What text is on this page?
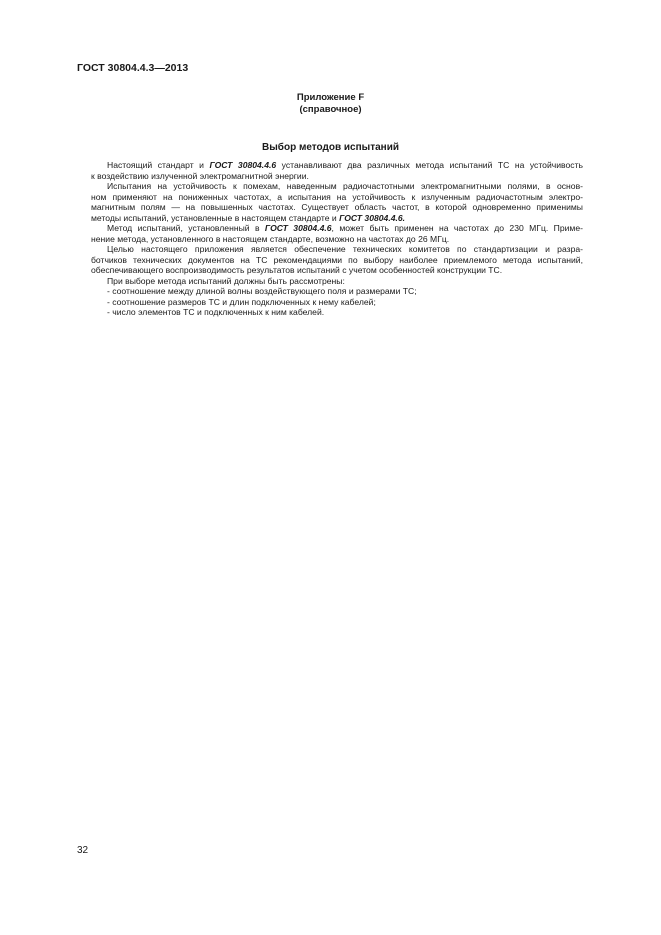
ГОСТ 30804.4.3—2013
Приложение F
(справочное)
Выбор методов испытаний

Настоящий стандарт и ГОСТ 30804.4.6 устанавливают два различных метода испытаний ТС на устойчивость
к воздействию излученной электромагнитной энергии.

Испытания на устойчивость к помехам, наведенным радиочастотными электромагнитными полями, в основ-
ном применяют на пониженных частотах, а испытания на устойчивость к излученным радиочастотным электро-
магнитным полям — на повышенных частотах. Существует область частот, в которой одновременно применимы
методы испытаний, установленные в настоящем стандарте и ГОСТ 30804.4.6.

Метод испытаний, установленный в ГОСТ 30804.4.6, может быть применен на частотах до 230 МГц. Приме-
нение метода, установленного в настоящем стандарте, возможно на частотах до 26 МГц.

Целью настоящего приложения является обеспечение технических комитетов по стандартизации и разра-
ботчиков технических документов на ТС рекомендациями по выбору наиболее приемлемого метода испытаний,
обеспечивающего воспроизводимость результатов испытаний с учетом особенностей конструкции ТС.

При выборе метода испытаний должны быть рассмотрены:

- соотношение между длиной волны воздействующего поля и размерами ТС;

- соотношение размеров ТС и длин подключенных к нему кабелей;

- число элементов ТС и подключенных к ним кабелей.

32
